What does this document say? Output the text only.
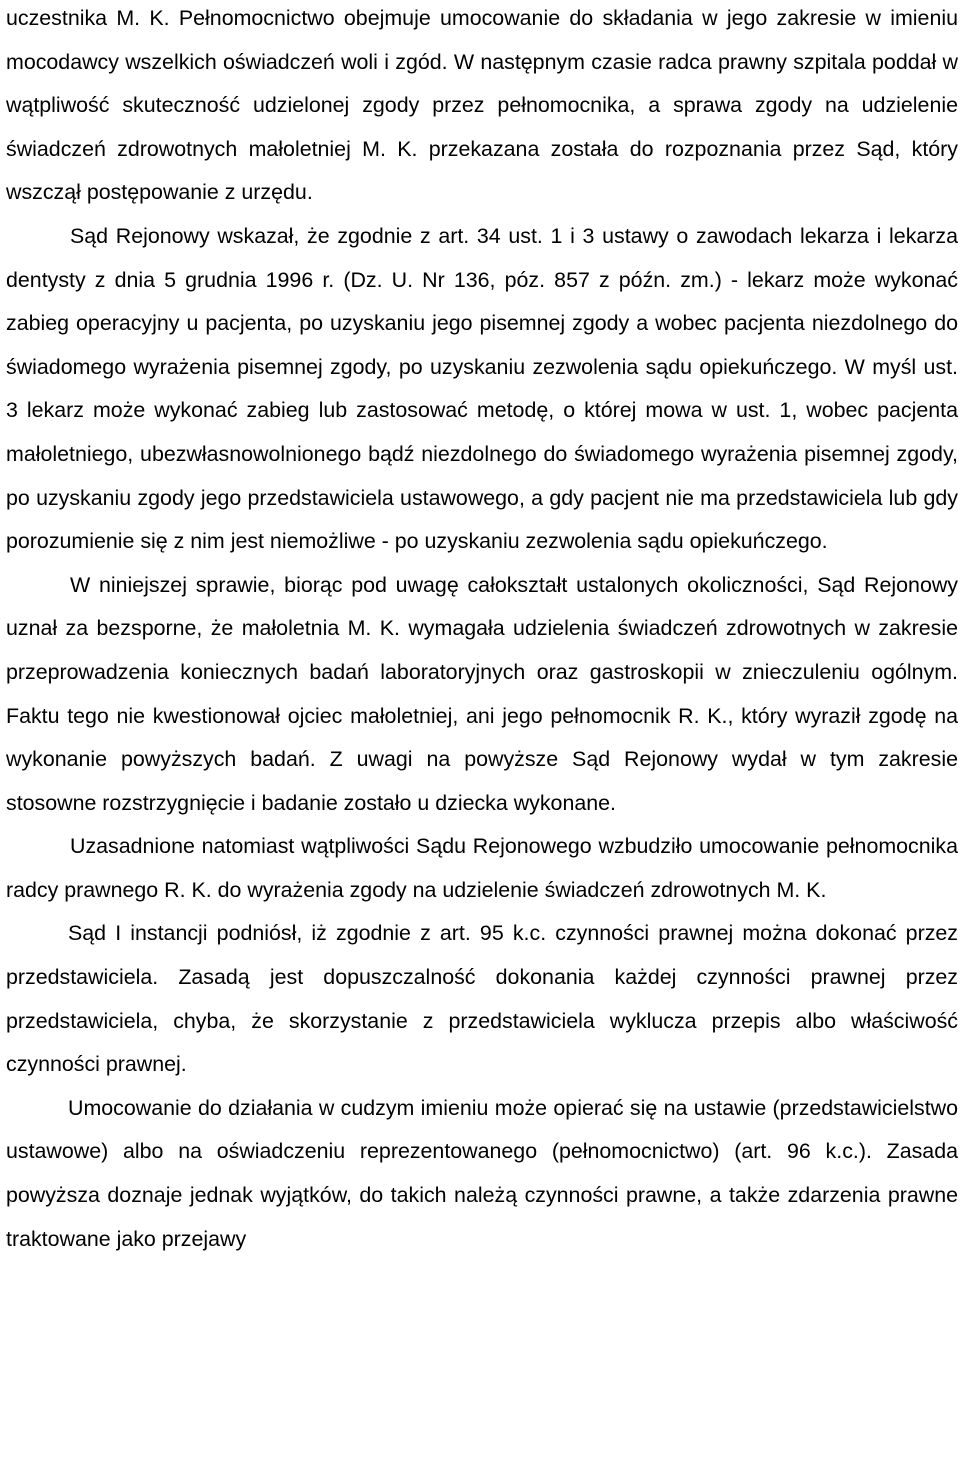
uczestnika M. K. Pełnomocnictwo obejmuje umocowanie do składania w jego zakresie w imieniu mocodawcy wszelkich oświadczeń woli i zgód. W następnym czasie radca prawny szpitala poddał w wątpliwość skuteczność udzielonej zgody przez pełnomocnika, a sprawa zgody na udzielenie świadczeń zdrowotnych małoletniej M. K. przekazana została do rozpoznania przez Sąd, który wszczął postępowanie z urzędu.

Sąd Rejonowy wskazał, że zgodnie z art. 34 ust. 1 i 3 ustawy o zawodach lekarza i lekarza dentysty z dnia 5 grudnia 1996 r. (Dz. U. Nr 136, póz. 857 z późn. zm.) - lekarz może wykonać zabieg operacyjny u pacjenta, po uzyskaniu jego pisemnej zgody a wobec pacjenta niezdolnego do świadomego wyrażenia pisemnej zgody, po uzyskaniu zezwolenia sądu opiekuńczego. W myśl ust. 3 lekarz może wykonać zabieg lub zastosować metodę, o której mowa w ust. 1, wobec pacjenta małoletniego, ubezwłasnowolnionego bądź niezdolnego do świadomego wyrażenia pisemnej zgody, po uzyskaniu zgody jego przedstawiciela ustawowego, a gdy pacjent nie ma przedstawiciela lub gdy porozumienie się z nim jest niemożliwe - po uzyskaniu zezwolenia sądu opiekuńczego.

W niniejszej sprawie, biorąc pod uwagę całokształt ustalonych okoliczności, Sąd Rejonowy uznał za bezsporne, że małoletnia M. K. wymagała udzielenia świadczeń zdrowotnych w zakresie przeprowadzenia koniecznych badań laboratoryjnych oraz gastroskopii w znieczuleniu ogólnym. Faktu tego nie kwestionował ojciec małoletniej, ani jego pełnomocnik R. K., który wyraził zgodę na wykonanie powyższych badań. Z uwagi na powyższe Sąd Rejonowy wydał w tym zakresie stosowne rozstrzygnięcie i badanie zostało u dziecka wykonane.

Uzasadnione natomiast wątpliwości Sądu Rejonowego wzbudziło umocowanie pełnomocnika radcy prawnego R. K. do wyrażenia zgody na udzielenie świadczeń zdrowotnych M. K.

Sąd I instancji podniósł, iż zgodnie z art. 95 k.c. czynności prawnej można dokonać przez przedstawiciela. Zasadą jest dopuszczalność dokonania każdej czynności prawnej przez przedstawiciela, chyba, że skorzystanie z przedstawiciela wyklucza przepis albo właściwość czynności prawnej.

Umocowanie do działania w cudzym imieniu może opierać się na ustawie (przedstawicielstwo ustawowe) albo na oświadczeniu reprezentowanego (pełnomocnictwo) (art. 96 k.c.). Zasada powyższa doznaje jednak wyjątków, do takich należą czynności prawne, a także zdarzenia prawne traktowane jako przejawy
